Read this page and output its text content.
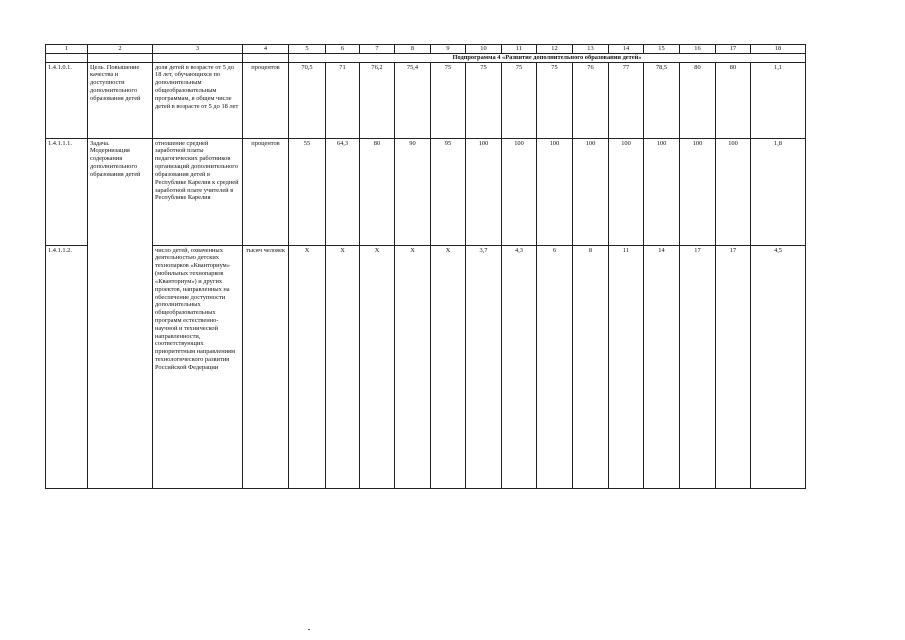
1	2	3	4	5	6	7	8	9	10	11	12	13	14	15	16	17	18
				Подпрограмма 4 «Развитие дополнительного образования детей»													
1.4.1.0.1.	Цель. Повышение качества и доступности дополнительного образования детей	доля детей в возрасте от 5 до 18 лет, обучающихся по дополнительным общеобразовательным программам, в общем числе детей в возрасте от 5 до 18 лет	процентов	70,5	71	76,2	75,4	75	75	75	75	76	77	78,5	80	80	1,1
1.4.1.1.1.	Задача. Модернизация содержания дополнительного образования детей	отношение средней заработной платы педагогических работников организаций дополнительного образования детей в Республике Карелия к средней заработной плате учителей в Республике Карелия	процентов	55	64,3	80	90	95	100	100	100	100	100	100	100	100	1,8
1.4.1.1.2.		число детей, охваченных деятельностью детских технопарков «Кванториум» (мобильных технопарков «Кванториум») и других проектов, направленных на обеспечение доступности дополнительных общеобразовательных программ естественно-научной и технической направленности, соответствующих приоритетным направлениям технологического развития Российской Федерации	тысяч человек	X	X	X	X	X	3,7	4,3	6	8	11	14	17	17	4,5
